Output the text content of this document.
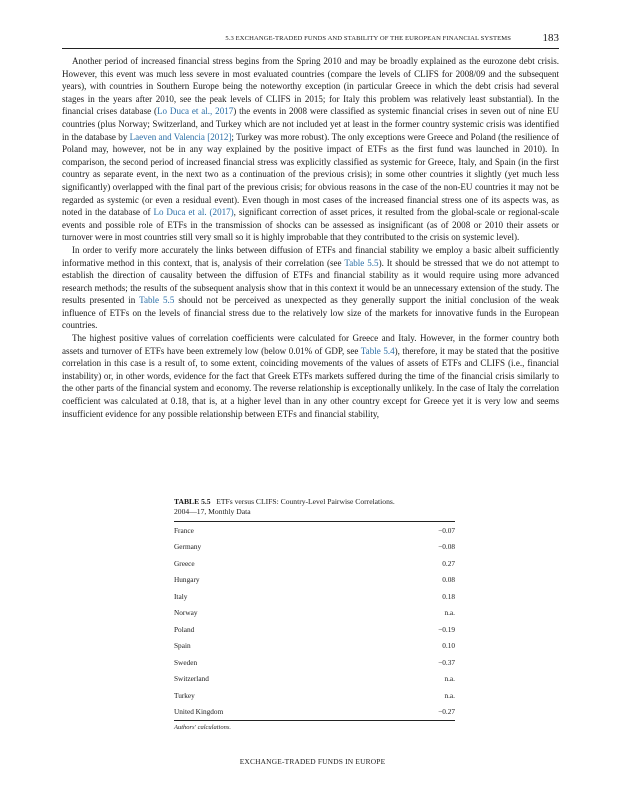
5.3 EXCHANGE-TRADED FUNDS AND STABILITY OF THE EUROPEAN FINANCIAL SYSTEMS	183

Another period of increased financial stress begins from the Spring 2010 and may be broadly explained as the eurozone debt crisis. However, this event was much less severe in most evaluated countries (compare the levels of CLIFS for 2008/09 and the subsequent years), with countries in Southern Europe being the noteworthy exception (in particular Greece in which the debt crisis had several stages in the years after 2010, see the peak levels of CLIFS in 2015; for Italy this problem was relatively least substantial). In the financial crises database (Lo Duca et al., 2017) the events in 2008 were classified as systemic financial crises in seven out of nine EU countries (plus Norway; Switzerland, and Turkey which are not included yet at least in the former country systemic crisis was identified in the database by Laeven and Valencia [2012]; Turkey was more robust). The only exceptions were Greece and Poland (the resilience of Poland may, however, not be in any way explained by the positive impact of ETFs as the first fund was launched in 2010). In comparison, the second period of increased financial stress was explicitly classified as systemic for Greece, Italy, and Spain (in the first country as separate event, in the next two as a continuation of the previous crisis); in some other countries it slightly (yet much less significantly) overlapped with the final part of the previous crisis; for obvious reasons in the case of the non-EU countries it may not be regarded as systemic (or even a residual event). Even though in most cases of the increased financial stress one of its aspects was, as noted in the database of Lo Duca et al. (2017), significant correction of asset prices, it resulted from the global-scale or regional-scale events and possible role of ETFs in the transmission of shocks can be assessed as insignificant (as of 2008 or 2010 their assets or turnover were in most countries still very small so it is highly improbable that they contributed to the crisis on systemic level).

In order to verify more accurately the links between diffusion of ETFs and financial stability we employ a basic albeit sufficiently informative method in this context, that is, analysis of their correlation (see Table 5.5). It should be stressed that we do not attempt to establish the direction of causality between the diffusion of ETFs and financial stability as it would require using more advanced research methods; the results of the subsequent analysis show that in this context it would be an unnecessary extension of the study. The results presented in Table 5.5 should not be perceived as unexpected as they generally support the initial conclusion of the weak influence of ETFs on the levels of financial stress due to the relatively low size of the markets for innovative funds in the European countries.

The highest positive values of correlation coefficients were calculated for Greece and Italy. However, in the former country both assets and turnover of ETFs have been extremely low (below 0.01% of GDP, see Table 5.4), therefore, it may be stated that the positive correlation in this case is a result of, to some extent, coinciding movements of the values of assets of ETFs and CLIFS (i.e., financial instability) or, in other words, evidence for the fact that Greek ETFs markets suffered during the time of the financial crisis similarly to the other parts of the financial system and economy. The reverse relationship is exceptionally unlikely. In the case of Italy the correlation coefficient was calculated at 0.18, that is, at a higher level than in any other country except for Greece yet it is very low and seems insufficient evidence for any possible relationship between ETFs and financial stability,

TABLE 5.5 ETFs versus CLIFS: Country-Level Pairwise Correlations.
2004—17, Monthly Data
France	−0.07
Germany	−0.08
Greece	0.27
Hungary	0.08
Italy	0.18
Norway	n.a.
Poland	−0.19
Spain	0.10
Sweden	−0.37
Switzerland	n.a.
Turkey	n.a.
United Kingdom	−0.27
Authors' calculations.
EXCHANGE-TRADED FUNDS IN EUROPE
